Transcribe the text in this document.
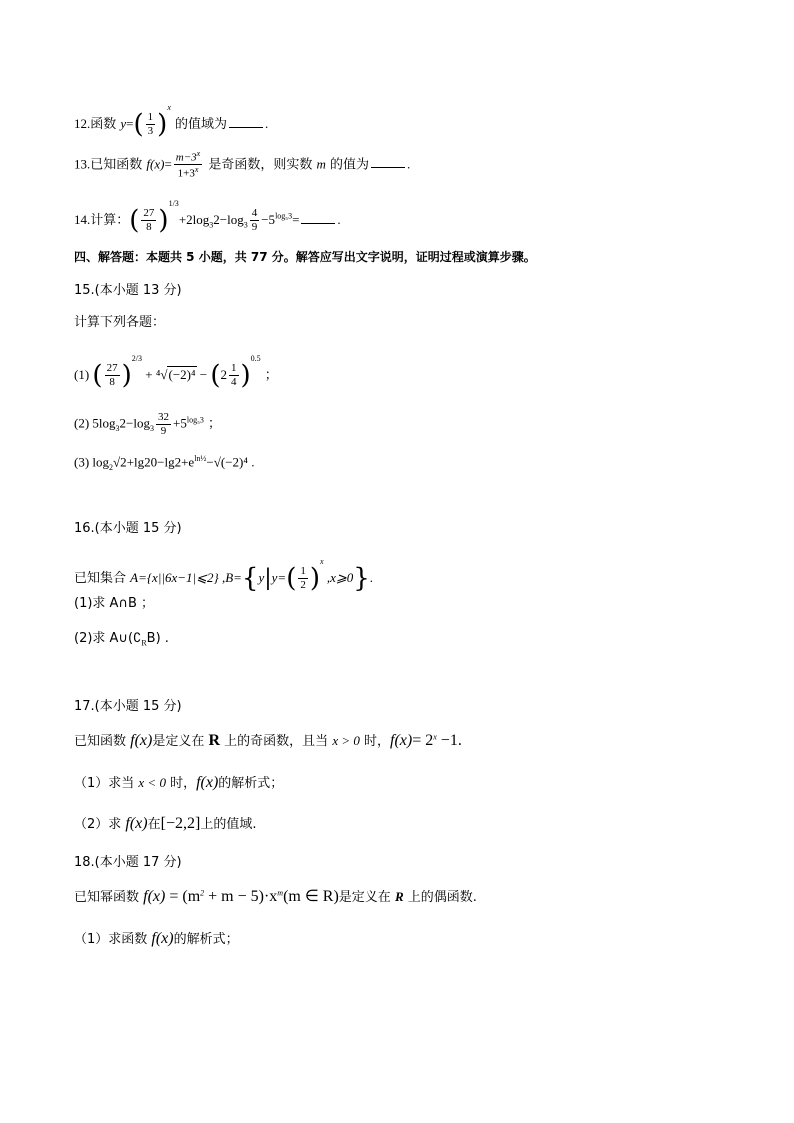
12.函数 $y=( \frac{1}{3} )^x$ 的值域为	.
13.已知函数 $f(x)= \frac{m-3^x}{1+3^x}$ 是奇函数，则实数 m 的值为	.
14.计算：( $\frac{27}{8} )^{1/3}+2\log_32-\log_3 \frac{4}{9} -5^{log_53}=$	.
四、解答题：本题共 5 小题，共 77 分。解答应写出文字说明，证明过程或演算步骤。
15.(本小题 13 分)
计算下列各题：
(1) ( $\frac{27}{8} )^{2/3} + ^4√(-2)^4 - (2 \frac{1}{4} )^{0.5}$ ；
(2) $5\log_32-\log_3 \frac{32}{9} +5^{log_53}$ ；
(3) $\log_2√2+\lg 20-\lg 2+e^{ln\frac{1}{2}}-√(-2)^4$ .
16.(本小题 15 分)
已知集合 A={x||6x−1|⩽2} $,B=\{y|y=( \frac{1}{2} )^x$ ,x⩾0}.
(1)求 A∩B ；
(2)求 $A\cup(∁_RB)$ .
17.(本小题 15 分)
已知函数 f(x)是定义在 R 上的奇函数，且当 x > 0 时，$f(x)= 2^x -1$.
（1）求当 x < 0 时，f(x)的解析式；
（2）求 f(x)在[−2,2]上的值域.
18.(本小题 17 分)
已知幂函数 $f(x) = (m^2 + m - 5)\cdot x^m(m$ ∈ R)是定义在 R 上的偶函数.
（1）求函数 f(x)的解析式；
